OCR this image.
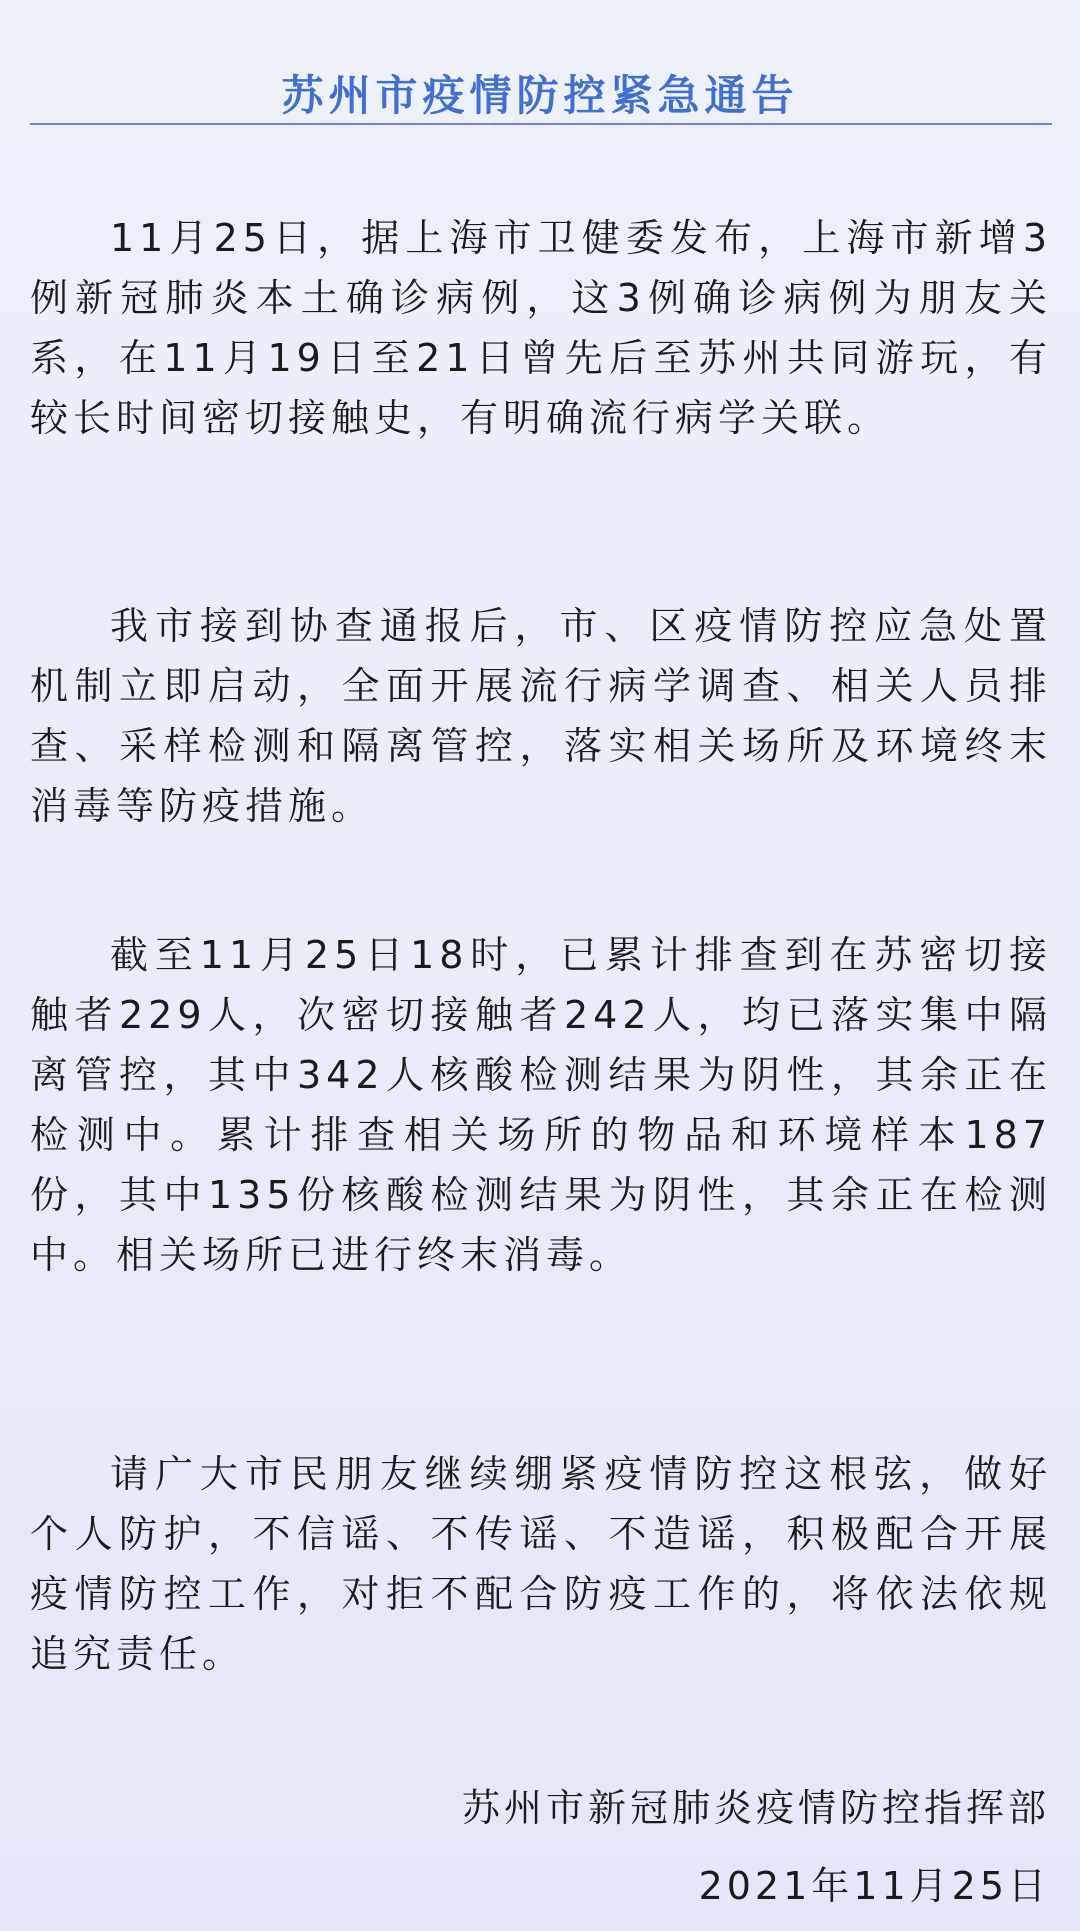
苏州市疫情防控紧急通告

11月25日，据上海市卫健委发布，上海市新增3例新冠肺炎本土确诊病例，这3例确诊病例为朋友关系，在11月19日至21日曾先后至苏州共同游玩，有较长时间密切接触史，有明确流行病学关联。

我市接到协查通报后，市、区疫情防控应急处置机制立即启动，全面开展流行病学调查、相关人员排查、采样检测和隔离管控，落实相关场所及环境终末消毒等防疫措施。

截至11月25日18时，已累计排查到在苏密切接触者229人，次密切接触者242人，均已落实集中隔离管控，其中342人核酸检测结果为阴性，其余正在检测中。累计排查相关场所的物品和环境样本187份，其中135份核酸检测结果为阴性，其余正在检测中。相关场所已进行终末消毒。

请广大市民朋友继续绷紧疫情防控这根弦，做好个人防护，不信谣、不传谣、不造谣，积极配合开展疫情防控工作，对拒不配合防疫工作的，将依法依规追究责任。

苏州市新冠肺炎疫情防控指挥部
2021年11月25日
